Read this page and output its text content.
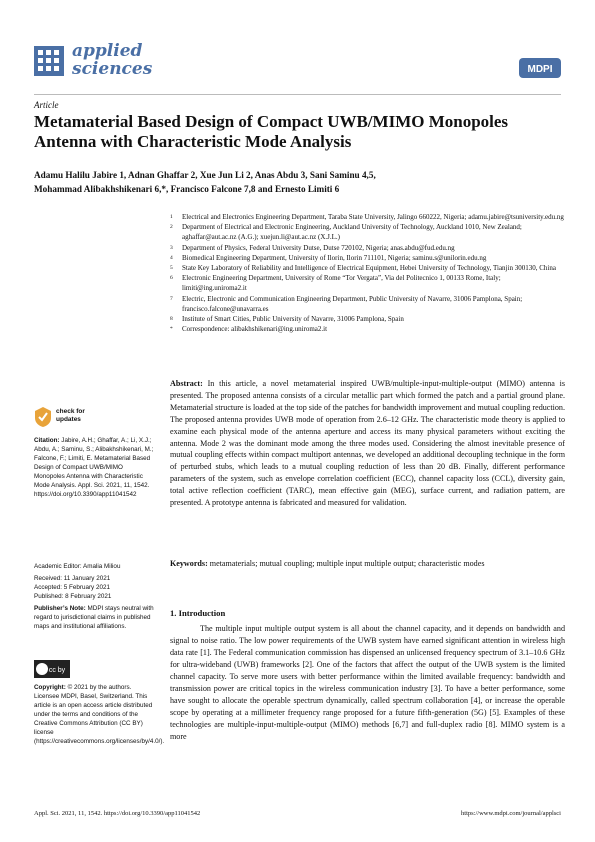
applied
sciences	MDPI
Article
Metamaterial Based Design of Compact UWB/MIMO Monopoles Antenna with Characteristic Mode Analysis
Adamu Halilu Jabire 1, Adnan Ghaffar 2, Xue Jun Li 2, Anas Abdu 3, Sani Saminu 4,5,
Mohammad Alibakhshikenari 6,*, Francisco Falcone 7,8 and Ernesto Limiti 6
1	Electrical and Electronics Engineering Department, Taraba State University, Jalingo 660222, Nigeria; adamu.jabire@tsuniversity.edu.ng
2	Department of Electrical and Electronic Engineering, Auckland University of Technology, Auckland 1010, New Zealand; aghaffar@aut.ac.nz (A.G.); xuejun.li@aut.ac.nz (X.J.L.)
3	Department of Physics, Federal University Dutse, Dutse 720102, Nigeria; anas.abdu@fud.edu.ng
4	Biomedical Engineering Department, University of Ilorin, Ilorin 711101, Nigeria; saminu.s@unilorin.edu.ng
5	State Key Laboratory of Reliability and Intelligence of Electrical Equipment, Hebei University of Technology, Tianjin 300130, China
6	Electronic Engineering Department, University of Rome “Tor Vergata”, Via del Politecnico 1, 00133 Rome, Italy; limiti@ing.uniroma2.it
7	Electric, Electronic and Communication Engineering Department, Public University of Navarre, 31006 Pamplona, Spain; francisco.falcone@unavarra.es
8	Institute of Smart Cities, Public University of Navarre, 31006 Pamplona, Spain
*	Correspondence: alibakhshikenari@ing.uniroma2.it
check for
updates
Citation: Jabire, A.H.; Ghaffar, A.; Li, X.J.; Abdu, A.; Saminu, S.; Alibakhshikenari, M.; Falcone, F.; Limiti, E. Metamaterial Based Design of Compact UWB/MIMO Monopoles Antenna with Characteristic Mode Analysis. Appl. Sci. 2021, 11, 1542. https://doi.org/10.3390/app11041542
Academic Editor: Amalia Miliou
Received: 11 January 2021
Accepted: 5 February 2021
Published: 8 February 2021
Publisher’s Note: MDPI stays neutral with regard to jurisdictional claims in published maps and institutional affiliations.
cc by
Copyright: © 2021 by the authors. Licensee MDPI, Basel, Switzerland. This article is an open access article distributed under the terms and conditions of the Creative Commons Attribution (CC BY) license (https://creativecommons.org/licenses/by/4.0/).
Abstract: In this article, a novel metamaterial inspired UWB/multiple-input-multiple-output (MIMO) antenna is presented. The proposed antenna consists of a circular metallic part which formed the patch and a partial ground plane. Metamaterial structure is loaded at the top side of the patches for bandwidth improvement and mutual coupling reduction. The proposed antenna provides UWB mode of operation from 2.6–12 GHz. The characteristic mode theory is applied to examine each physical mode of the antenna aperture and access its many physical parameters without exciting the antenna. Mode 2 was the dominant mode among the three modes used. Considering the almost inevitable presence of mutual coupling effects within compact multiport antennas, we developed an additional decoupling technique in the form of perturbed stubs, which leads to a mutual coupling reduction of less than 20 dB. Finally, different performance parameters of the system, such as envelope correlation coefficient (ECC), channel capacity loss (CCL), diversity gain, total active reflection coefficient (TARC), mean effective gain (MEG), surface current, and radiation pattern, are presented. A prototype antenna is fabricated and measured for validation.
Keywords: metamaterials; mutual coupling; multiple input multiple output; characteristic modes
1. Introduction
The multiple input multiple output system is all about the channel capacity, and it depends on bandwidth and signal to noise ratio. The low power requirements of the UWB system have earned significant attention in wireless high data rate [1]. The Federal communication commission has dispensed an unlicensed frequency spectrum of 3.1–10.6 GHz for ultra-wideband (UWB) frameworks [2]. One of the factors that affect the output of the UWB system is the limited channel capacity. To serve more users with better performance within the limited available frequency: bandwidth and transmission power are critical topics in the wireless communication industry [3]. To have a better performance, some have sought to allocate the operable spectrum dynamically, called spectrum collaboration [4], or increase the operable scope by operating at a millimeter frequency range proposed for a future fifth-generation (5G) [5]. Examples of these technologies are multiple-input-multiple-output (MIMO) methods [6,7] and full-duplex radio [8]. MIMO system is a more
Appl. Sci. 2021, 11, 1542. https://doi.org/10.3390/app11041542	https://www.mdpi.com/journal/applsci
